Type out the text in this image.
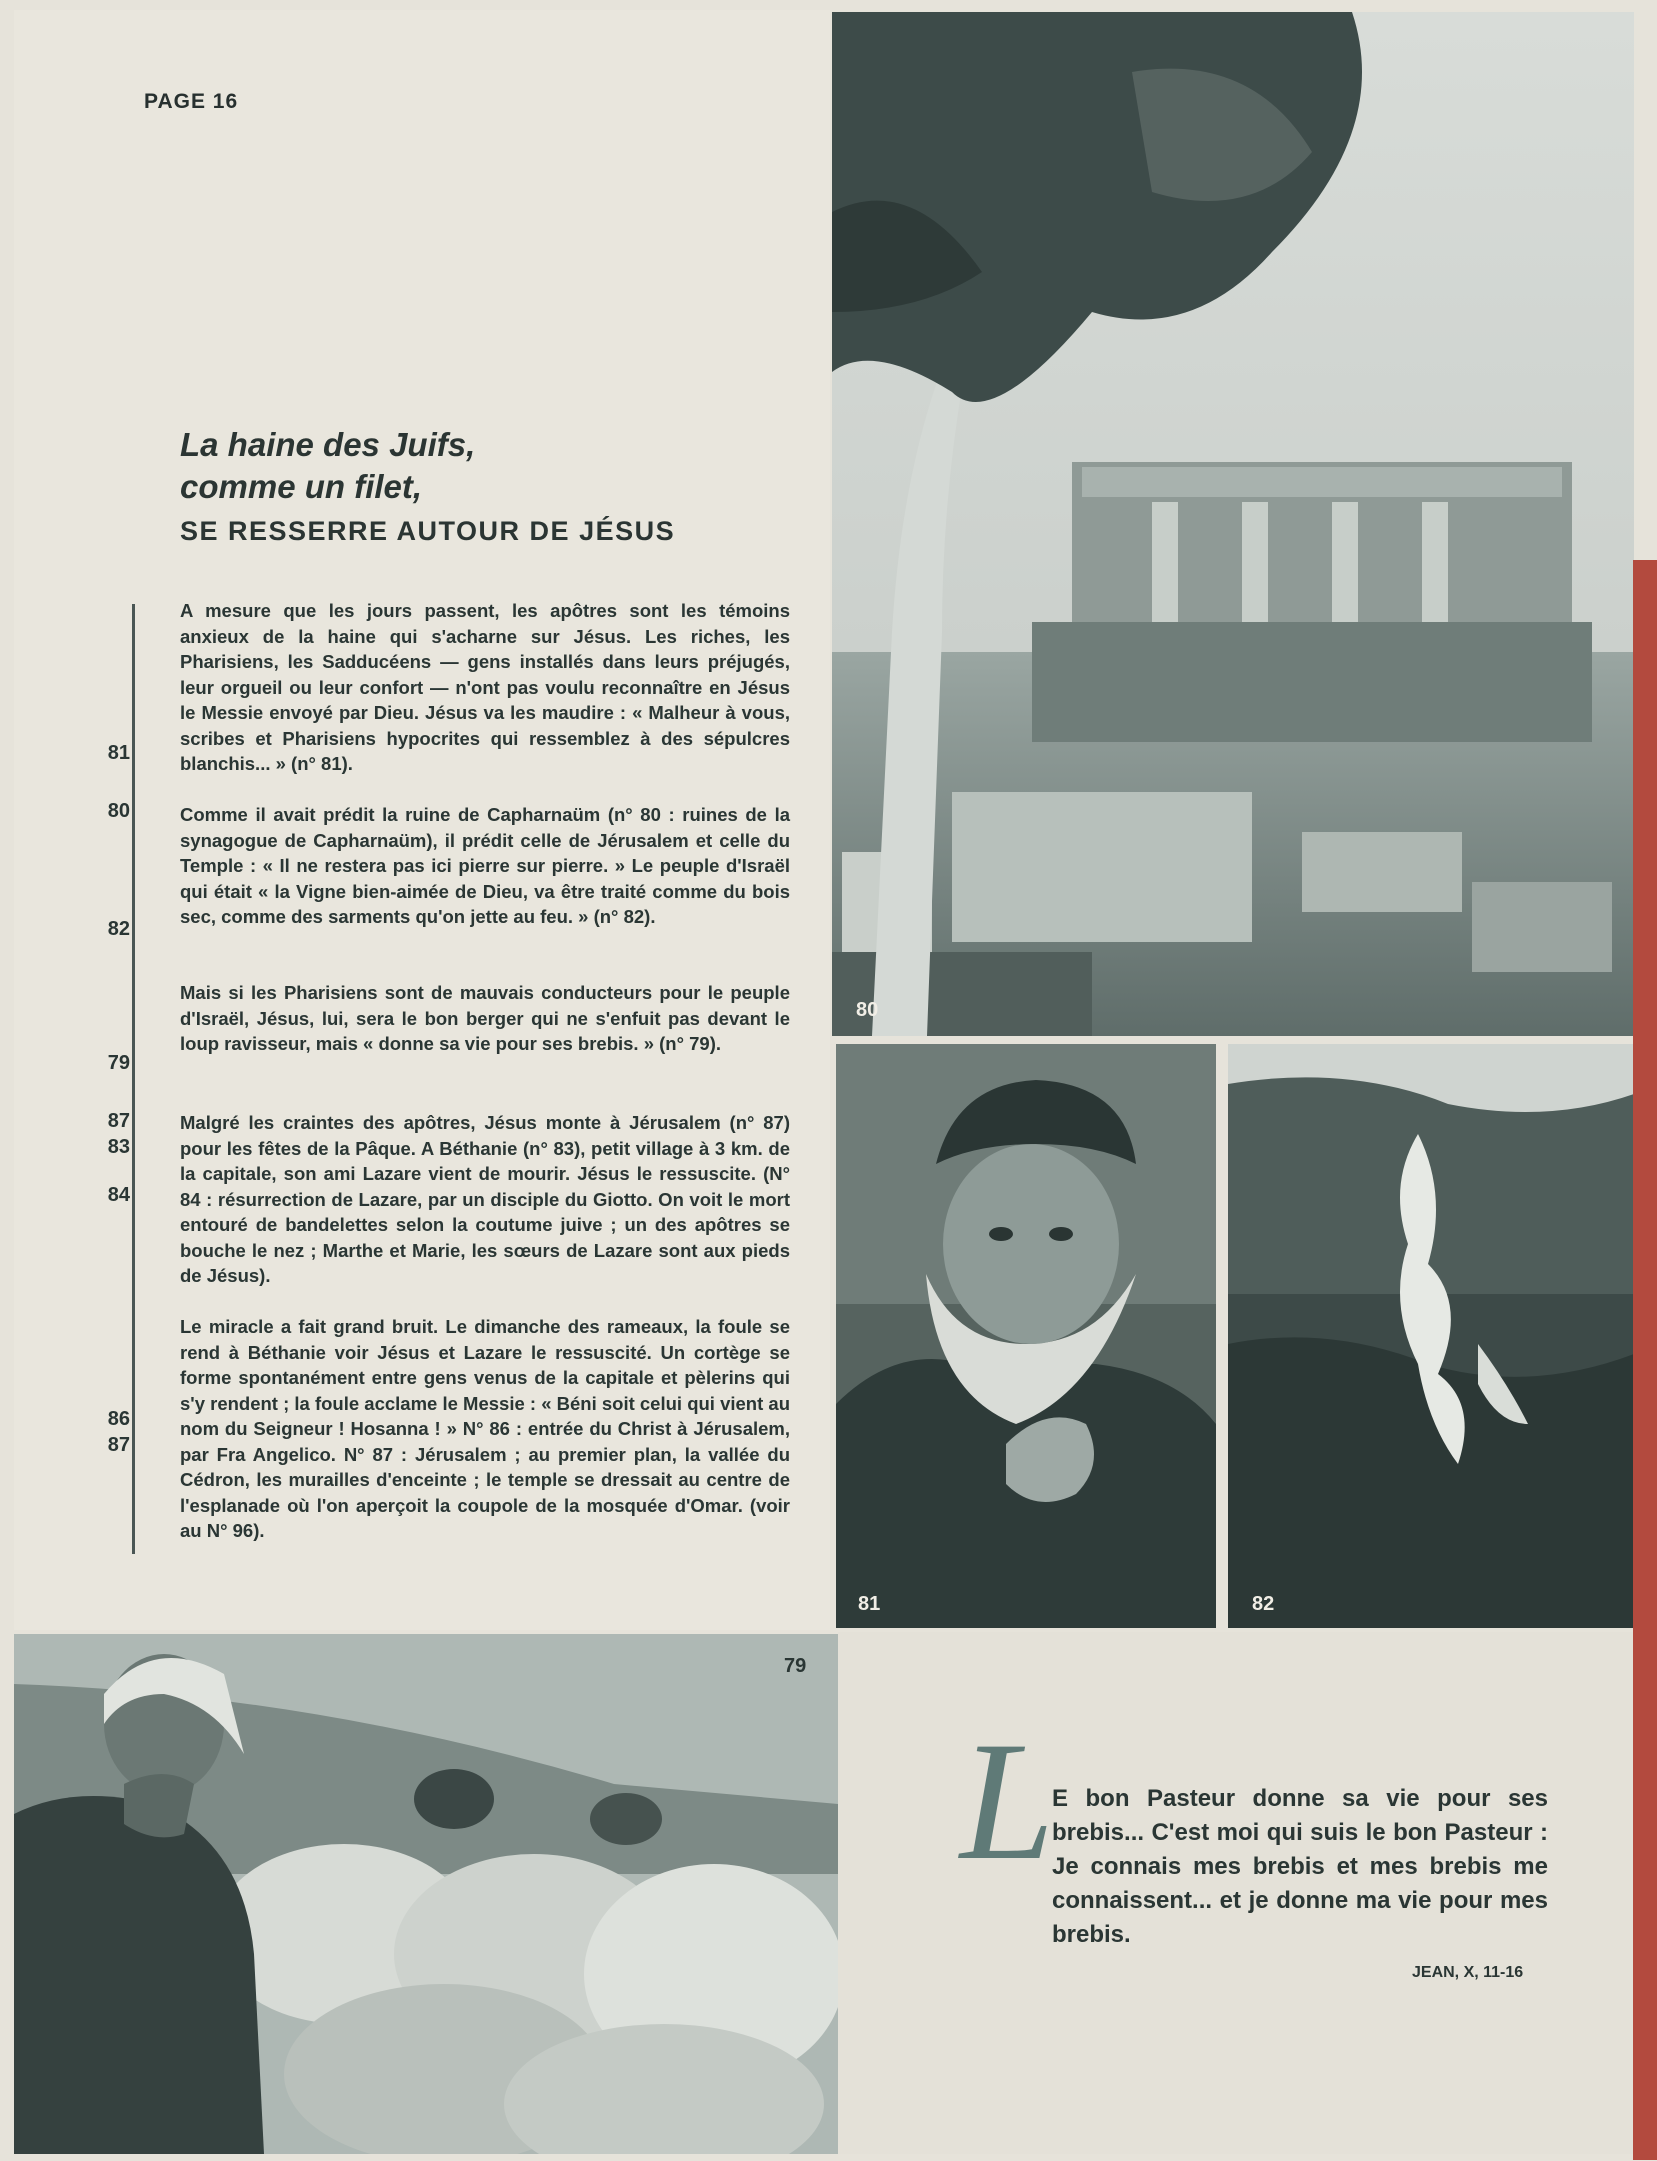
PAGE 16
La haine des Juifs,
comme un filet,
SE RESSERRE AUTOUR DE JÉSUS
A mesure que les jours passent, les apôtres sont les témoins anxieux de la haine qui s'acharne sur Jésus. Les riches, les Pharisiens, les Sadducéens — gens installés dans leurs préjugés, leur orgueil ou leur confort — n'ont pas voulu reconnaître en Jésus le Messie envoyé par Dieu. Jésus va les maudire : « Malheur à vous, scribes et Pharisiens hypocrites qui ressemblez à des sépulcres blanchis... » (n° 81).
Comme il avait prédit la ruine de Capharnaüm (n° 80 : ruines de la synagogue de Capharnaüm), il prédit celle de Jérusalem et celle du Temple : « Il ne restera pas ici pierre sur pierre. » Le peuple d'Israël qui était « la Vigne bien-aimée de Dieu, va être traité comme du bois sec, comme des sarments qu'on jette au feu. » (n° 82).
Mais si les Pharisiens sont de mauvais conducteurs pour le peuple d'Israël, Jésus, lui, sera le bon berger qui ne s'enfuit pas devant le loup ravisseur, mais « donne sa vie pour ses brebis. » (n° 79).
Malgré les craintes des apôtres, Jésus monte à Jérusalem (n° 87) pour les fêtes de la Pâque. A Béthanie (n° 83), petit village à 3 km. de la capitale, son ami Lazare vient de mourir. Jésus le ressuscite. (N° 84 : résurrection de Lazare, par un disciple du Giotto. On voit le mort entouré de bandelettes selon la coutume juive ; un des apôtres se bouche le nez ; Marthe et Marie, les sœurs de Lazare sont aux pieds de Jésus).
Le miracle a fait grand bruit. Le dimanche des rameaux, la foule se rend à Béthanie voir Jésus et Lazare le ressuscité. Un cortège se forme spontanément entre gens venus de la capitale et pèlerins qui s'y rendent ; la foule acclame le Messie : « Béni soit celui qui vient au nom du Seigneur ! Hosanna ! » N° 86 : entrée du Christ à Jérusalem, par Fra Angelico. N° 87 : Jérusalem ; au premier plan, la vallée du Cédron, les murailles d'enceinte ; le temple se dressait au centre de l'esplanade où l'on aperçoit la coupole de la mosquée d'Omar. (voir au N° 96).
81
80
82
79
87
83
84
86
87
80
81	82
79
L
E bon Pasteur donne sa vie pour ses brebis... C'est moi qui suis le bon Pasteur : Je connais mes brebis et mes brebis me connaissent... et je donne ma vie pour mes brebis.
JEAN, X, 11-16
